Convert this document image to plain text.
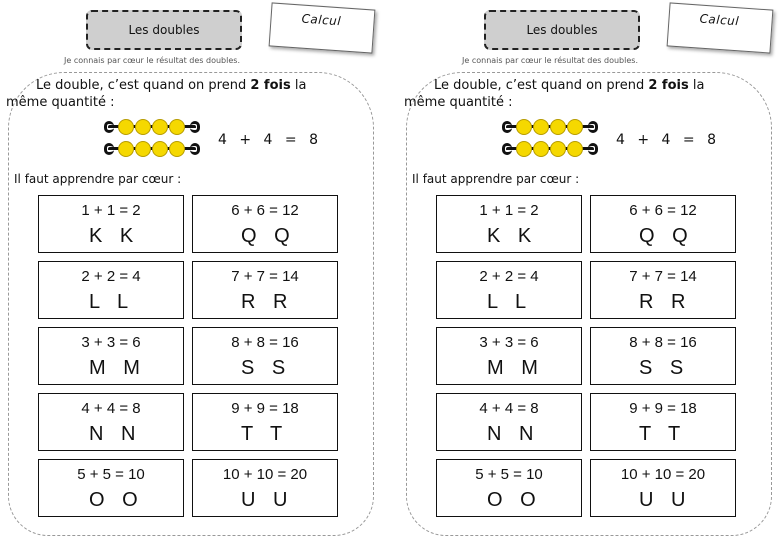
Les doubles
Calcul
Je connais par cœur le résultat des doubles.
Le double, c’est quand on prend 2 fois la même quantité :
4 + 4 = 8
Il faut apprendre par cœur :
1 + 1 = 2
K K
2 + 2 = 4
L L
3 + 3 = 6
M M
4 + 4 = 8
N N
5 + 5 = 10
O O
6 + 6 = 12
Q Q
7 + 7 = 14
R R
8 + 8 = 16
S S
9 + 9 = 18
T T
10 + 10 = 20
U U
Les doubles
Calcul
Je connais par cœur le résultat des doubles.
Le double, c’est quand on prend 2 fois la même quantité :
4 + 4 = 8
Il faut apprendre par cœur :
1 + 1 = 2
K K
2 + 2 = 4
L L
3 + 3 = 6
M M
4 + 4 = 8
N N
5 + 5 = 10
O O
6 + 6 = 12
Q Q
7 + 7 = 14
R R
8 + 8 = 16
S S
9 + 9 = 18
T T
10 + 10 = 20
U U
